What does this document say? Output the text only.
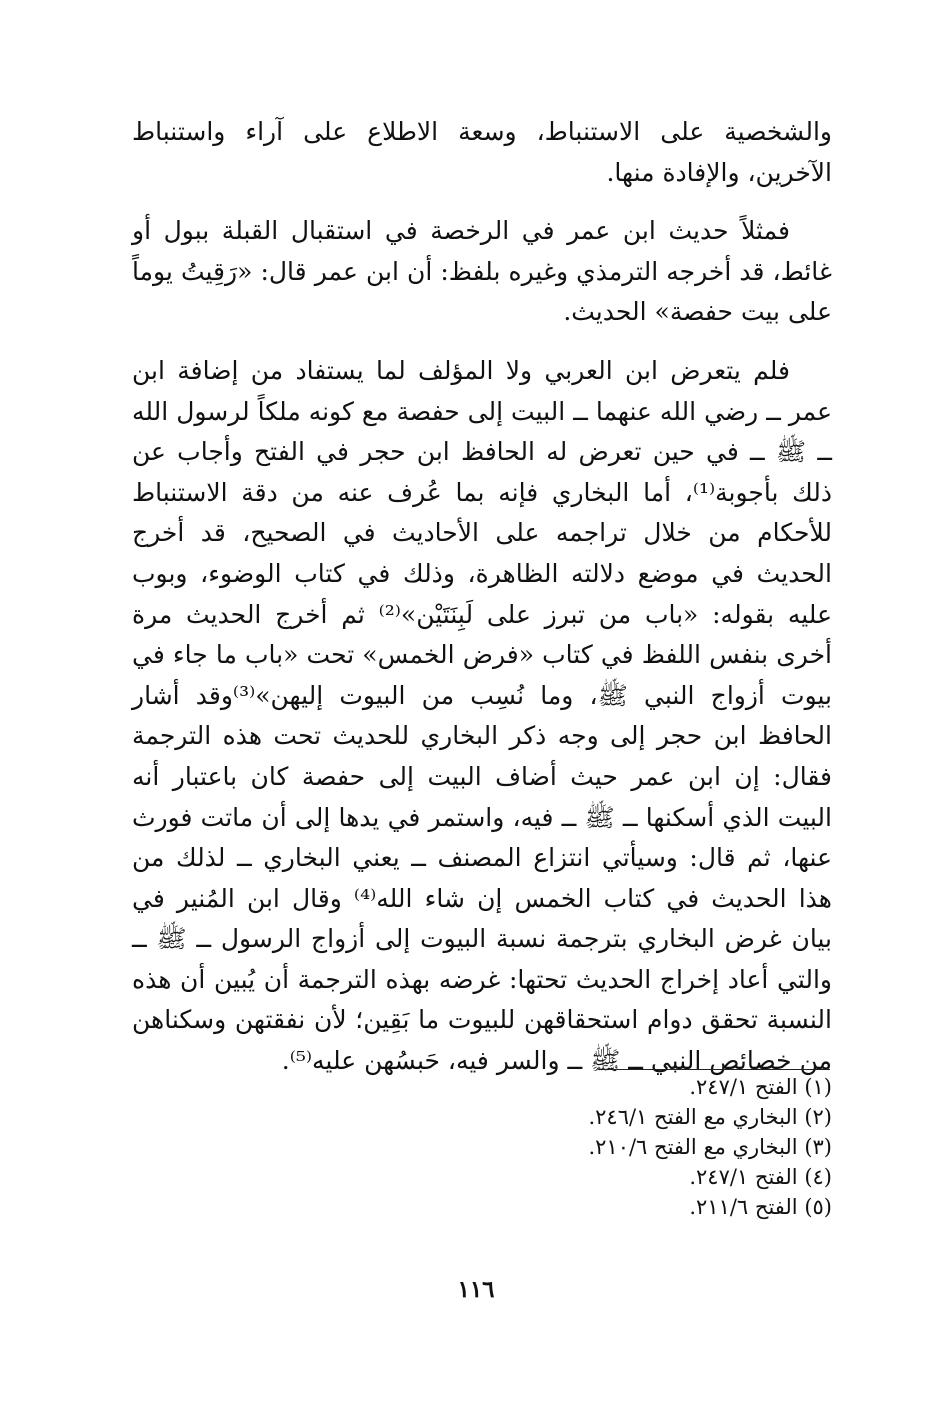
والشخصية على الاستنباط، وسعة الاطلاع على آراء واستنباط الآخرين، والإفادة منها.

فمثلاً حديث ابن عمر في الرخصة في استقبال القبلة ببول أو غائط، قد أخرجه الترمذي وغيره بلفظ: أن ابن عمر قال: «رَقِيتُ يوماً على بيت حفصة» الحديث.

فلم يتعرض ابن العربي ولا المؤلف لما يستفاد من إضافة ابن عمر ــ رضي الله عنهما ــ البيت إلى حفصة مع كونه ملكاً لرسول الله ــ ﷺ ــ في حين تعرض له الحافظ ابن حجر في الفتح وأجاب عن ذلك بأجوبة⁽¹⁾، أما البخاري فإنه بما عُرف عنه من دقة الاستنباط للأحكام من خلال تراجمه على الأحاديث في الصحيح، قد أخرج الحديث في موضع دلالته الظاهرة، وذلك في كتاب الوضوء، وبوب عليه بقوله: «باب من تبرز على لَبِنَتَيْن»⁽²⁾ ثم أخرج الحديث مرة أخرى بنفس اللفظ في كتاب «فرض الخمس» تحت «باب ما جاء في بيوت أزواج النبي ﷺ، وما نُسِب من البيوت إليهن»⁽³⁾وقد أشار الحافظ ابن حجر إلى وجه ذكر البخاري للحديث تحت هذه الترجمة فقال: إن ابن عمر حيث أضاف البيت إلى حفصة كان باعتبار أنه البيت الذي أسكنها ــ ﷺ ــ فيه، واستمر في يدها إلى أن ماتت فورث عنها، ثم قال: وسيأتي انتزاع المصنف ــ يعني البخاري ــ لذلك من هذا الحديث في كتاب الخمس إن شاء الله⁽⁴⁾ وقال ابن المُنير في بيان غرض البخاري بترجمة نسبة البيوت إلى أزواج الرسول ــ ﷺ ــ والتي أعاد إخراج الحديث تحتها: غرضه بهذه الترجمة أن يُبين أن هذه النسبة تحقق دوام استحقاقهن للبيوت ما بَقِين؛ لأن نفقتهن وسكناهن من خصائص النبي ــ ﷺ ــ والسر فيه، حَبسُهن عليه⁽⁵⁾.

(١) الفتح ٢٤٧/١.
(٢) البخاري مع الفتح ٢٤٦/١.
(٣) البخاري مع الفتح ٢١٠/٦.
(٤) الفتح ٢٤٧/١.
(٥) الفتح ٢١١/٦.
١١٦
